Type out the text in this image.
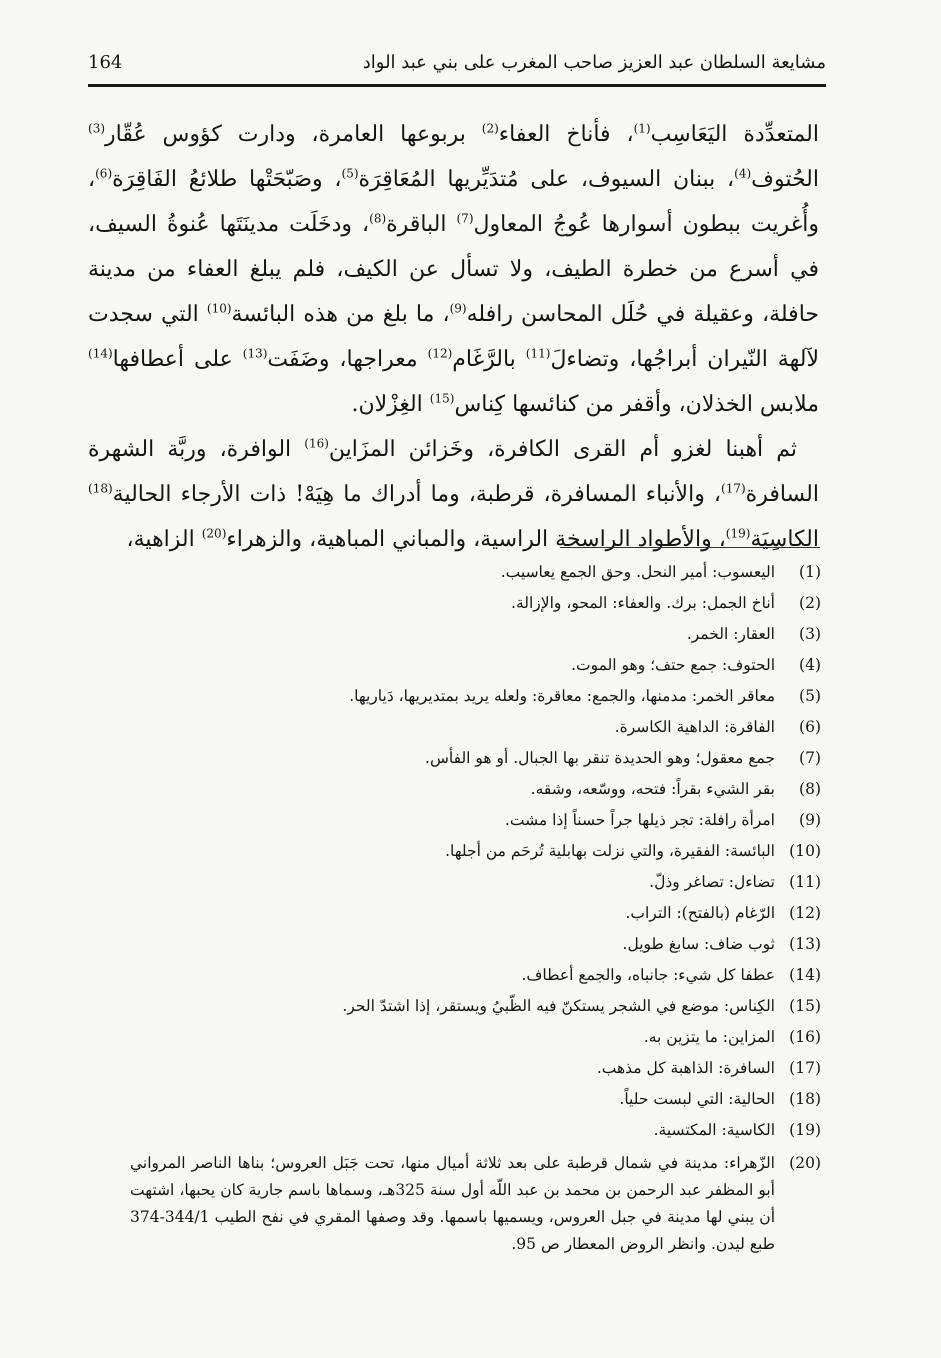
164	مشايعة السلطان عبد العزيز صاحب المغرب على بني عبد الواد

المتعدِّدة اليَعَاسِب$^{(1)}$، فأناخ العفاء$^{(2)}$ بربوعها العامرة، ودارت كؤوس عُقّار$^{(3)}$ الحُتوف$^{(4)}$، ببنان السيوف، على مُتدَيِّريها المُعَاقِرَة$^{(5)}$، وصَبّحَتْها طلائعُ الفَاقِرَة$^{(6)}$، وأُغريت ببطون أسوارها عُوجُ المعاول$^{(7)}$ الباقرة$^{(8)}$، ودخَلَت مدينَتَها عُنوةُ السيف، في أسرع من خطرة الطيف، ولا تسأل عن الكيف، فلم يبلغ العفاء من مدينة حافلة، وعقيلة في حُلَل المحاسن رافله$^{(9)}$، ما بلغ من هذه البائسة$^{(10)}$ التي سجدت لآلهة النّيران أبراجُها، وتضاءلَ$^{(11)}$ بالرَّغَام$^{(12)}$ معراجها، وضَفَت$^{(13)}$ على أعطافها$^{(14)}$ ملابس الخذلان، وأقفر من كنائسها كِناس$^{(15)}$ الغِزْلان.

ثم أهبنا لغزو أم القرى الكافرة، وخَزائن المزَاين$^{(16)}$ الوافرة، وربَّة الشهرة السافرة$^{(17)}$، والأنباء المسافرة، قرطبة، وما أدراك ما هِيَهْ! ذات الأرجاء الحالية$^{(18)}$ الكاسِيَة$^{(19)}$، والأطواد الراسخة الراسية، والمباني المباهية، والزهراء$^{(20)}$ الزاهية،

(1)
اليعسوب: أمير النحل. وحق الجمع يعاسيب.
(2)
أناخ الجمل: برك. والعفاء: المحو، والإزالة.
(3)
العقار: الخمر.
(4)
الحتوف: جمع حتف؛ وهو الموت.
(5)
معاقر الخمر: مدمنها، والجمع: معاقرة: ولعله يريد بمتديريها، دَياريها.
(6)
الفاقرة: الداهية الكاسرة.
(7)
جمع معقول؛ وهو الحديدة تنقر بها الجبال. أو هو الفأس.
(8)
بقر الشيء بقراً: فتحه، ووسّعه، وشقه.
(9)
امرأة رافلة: تجر ذيلها جراً حسناً إذا مشت.
(10)
البائسة: الفقيرة، والتي نزلت بهابلية تُرحَم من أجلها.
(11)
تضاءل: تصاغر وذلّ.
(12)
الرّغام (بالفتح): التراب.
(13)
ثوب ضاف: سابغ طويل.
(14)
عطفا كل شيء: جانباه، والجمع أعطاف.
(15)
الكِناس: موضع في الشجر يستكنّ فيه الظّبيُ ويستقر، إذا اشتدّ الحر.
(16)
المزاين: ما يتزين به.
(17)
السافرة: الذاهبة كل مذهب.
(18)
الحالية: التي لبست حلياً.
(19)
الكاسية: المكتسية.
(20)
الزّهراء: مدينة في شمال قرطبة على بعد ثلاثة أميال منها، تحت جَبَل العروس؛ بناها الناصر المرواني أبو المظفر عبد الرحمن بن محمد بن عبد اللّه أول سنة 325هـ، وسماها باسم جارية كان يحبها، اشتهت أن يبني لها مدينة في جبل العروس، ويسميها باسمها. وقد وصفها المقري في نفح الطيب 344/1-374 طبع ليدن. وانظر الروض المعطار ص 95.
